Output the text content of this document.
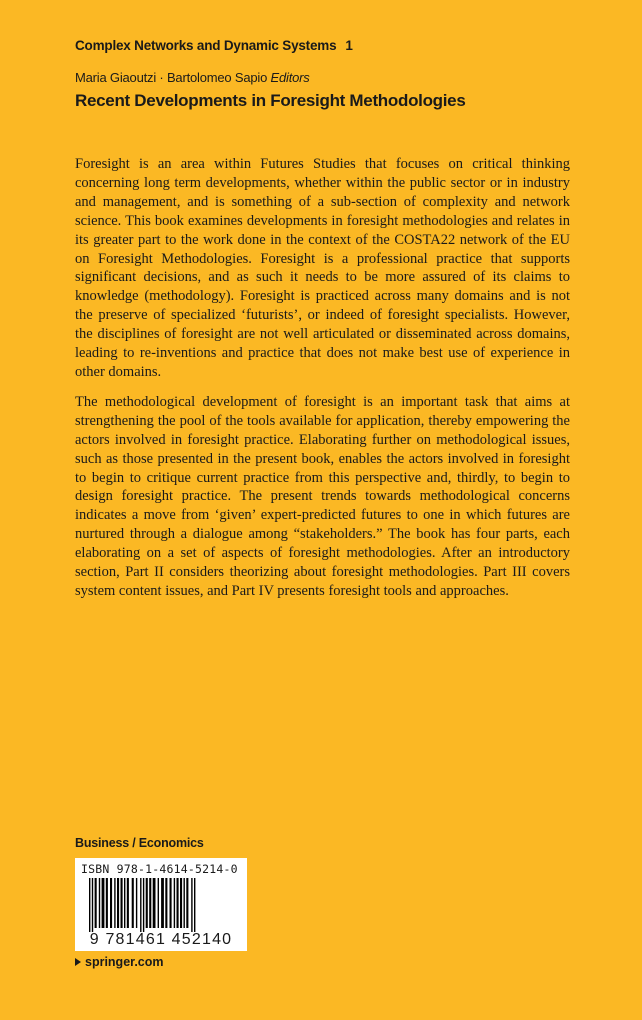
Complex Networks and Dynamic Systems 1
Maria Giaoutzi · Bartolomeo Sapio Editors
Recent Developments in Foresight Methodologies

Foresight is an area within Futures Studies that focuses on critical thinking concerning long term developments, whether within the public sector or in industry and management, and is something of a sub-section of complexity and network science. This book examines developments in foresight methodologies and relates in its greater part to the work done in the context of the COSTA22 network of the EU on Foresight Methodologies. Foresight is a professional practice that supports significant decisions, and as such it needs to be more assured of its claims to knowledge (methodology). Foresight is practiced across many domains and is not the preserve of specialized ‘futurists’, or indeed of foresight specialists. However, the disciplines of foresight are not well articulated or disseminated across domains, leading to re-inventions and practice that does not make best use of experience in other domains.

The methodological development of foresight is an important task that aims at strengthening the pool of the tools available for application, thereby empowering the actors involved in foresight practice. Elaborating further on methodological issues, such as those presented in the present book, enables the actors involved in foresight to begin to critique current practice from this perspective and, thirdly, to begin to design foresight practice. The present trends towards methodological concerns indicates a move from ‘given’ expert-predicted futures to one in which futures are nurtured through a dialogue among “stakeholders.” The book has four parts, each elaborating on a set of aspects of foresight methodologies. After an introductory section, Part II considers theorizing about foresight methodologies. Part III covers system content issues, and Part IV presents foresight tools and approaches.

Business / Economics
ISBN 978-1-4614-5214-0
9 781461 452140
springer.com
